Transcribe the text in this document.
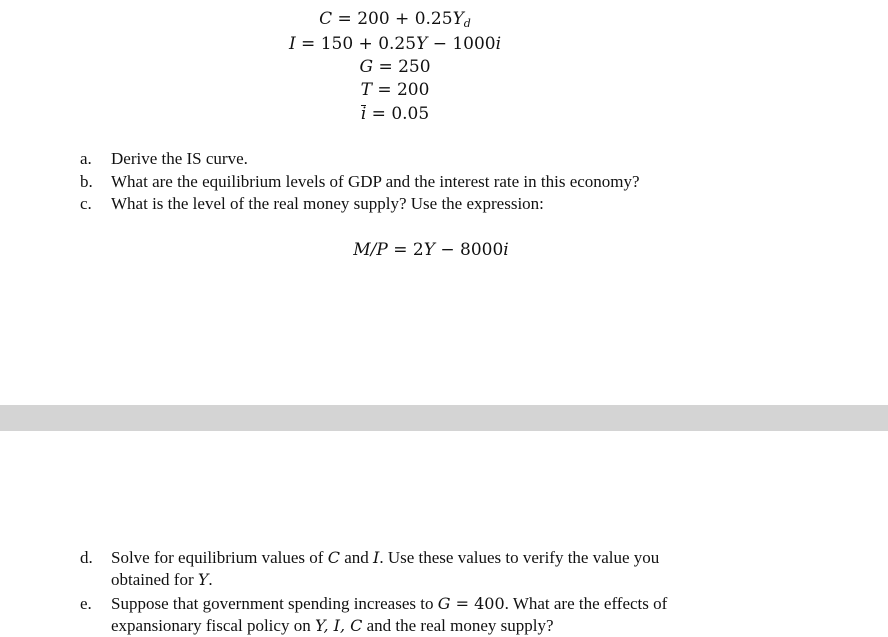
$C = 200 + 0.25Y_d$
I = 150 + 0.25Y − 1000i
G = 250
T = 200
i = 0.05
a. Derive the IS curve.
b. What are the equilibrium levels of GDP and the interest rate in this economy?
c. What is the level of the real money supply? Use the expression:
M/P = 2Y − 8000i
d. Solve for equilibrium values of C and I. Use these values to verify the value you
obtained for Y.
e. Suppose that government spending increases to G = 400. What are the effects of
expansionary fiscal policy on Y, I, C and the real money supply?
